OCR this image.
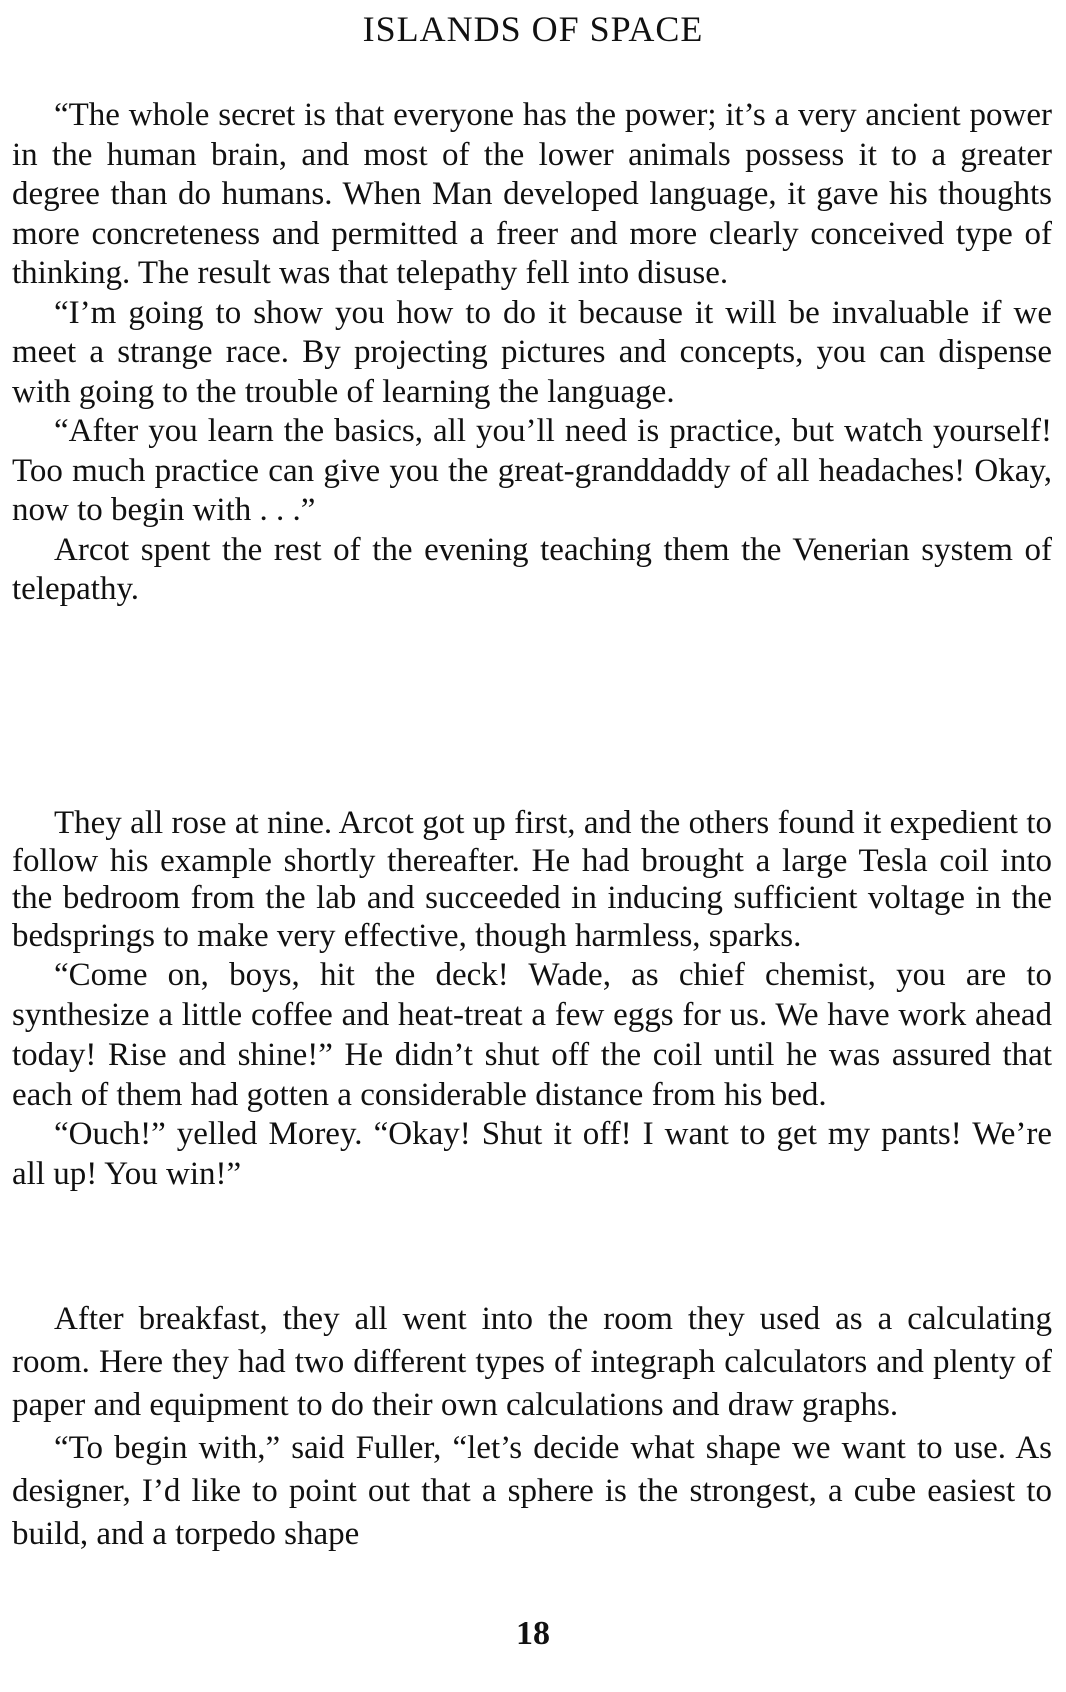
ISLANDS OF SPACE

“The whole secret is that everyone has the power; it’s a very ancient power in the human brain, and most of the lower animals possess it to a greater degree than do humans. When Man developed language, it gave his thoughts more concreteness and permitted a freer and more clearly conceived type of thinking. The result was that telepathy fell into disuse.

“I’m going to show you how to do it because it will be invaluable if we meet a strange race. By projecting pictures and concepts, you can dispense with going to the trouble of learning the language.

“After you learn the basics, all you’ll need is practice, but watch yourself! Too much practice can give you the great-granddaddy of all headaches! Okay, now to begin with . . .”

Arcot spent the rest of the evening teaching them the Venerian system of telepathy.

They all rose at nine. Arcot got up first, and the others found it expedient to follow his example shortly thereafter. He had brought a large Tesla coil into the bedroom from the lab and succeeded in inducing sufficient voltage in the bedsprings to make very effective, though harmless, sparks.

“Come on, boys, hit the deck! Wade, as chief chemist, you are to synthesize a little coffee and heat-treat a few eggs for us. We have work ahead today! Rise and shine!” He didn’t shut off the coil until he was assured that each of them had gotten a considerable distance from his bed.

“Ouch!” yelled Morey. “Okay! Shut it off! I want to get my pants! We’re all up! You win!”

After breakfast, they all went into the room they used as a calculating room. Here they had two different types of integraph calculators and plenty of paper and equipment to do their own calculations and draw graphs.

“To begin with,” said Fuller, “let’s decide what shape we want to use. As designer, I’d like to point out that a sphere is the strongest, a cube easiest to build, and a torpedo shape

18
